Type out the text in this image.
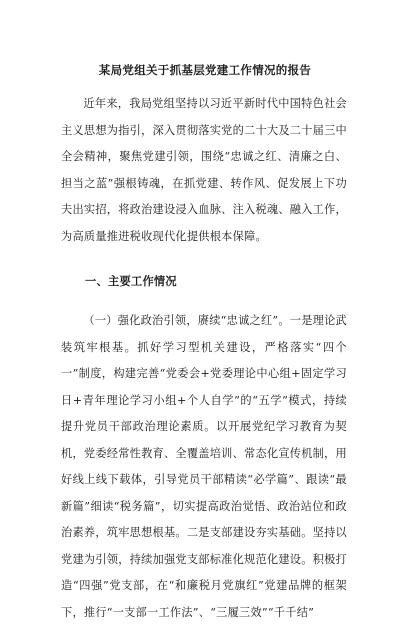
某局党组关于抓基层党建工作情况的报告

近年来，我局党组坚持以习近平新时代中国特色社会主义思想为指引，深入贯彻落实党的二十大及二十届三中全会精神，聚焦党建引领，围绕“忠诚之红、清廉之白、担当之蓝”强根铸魂，在抓党建、转作风、促发展上下功夫出实招，将政治建设浸入血脉、注入税魂、融入工作，为高质量推进税收现代化提供根本保障。

一、主要工作情况

（一）强化政治引领，赓续“忠诚之红”。一是理论武装筑牢根基。抓好学习型机关建设，严格落实“四个一”制度，构建完善“党委会+党委理论中心组+固定学习日+青年理论学习小组+个人自学”的“五学”模式，持续提升党员干部政治理论素质。以开展党纪学习教育为契机，党委经常性教育、全覆盖培训、常态化宣传机制，用好线上线下载体，引导党员干部精读“必学篇”、跟读“最新篇”细读“税务篇”，切实提高政治觉悟、政治站位和政治素养，筑牢思想根基。二是支部建设夯实基础。坚持以党建为引领，持续加强党支部标准化规范化建设。积极打造“四强”党支部，在“和廉税月党旗红”党建品牌的框架下，推行“一支部一工作法”、“三履三效”“千千结”
